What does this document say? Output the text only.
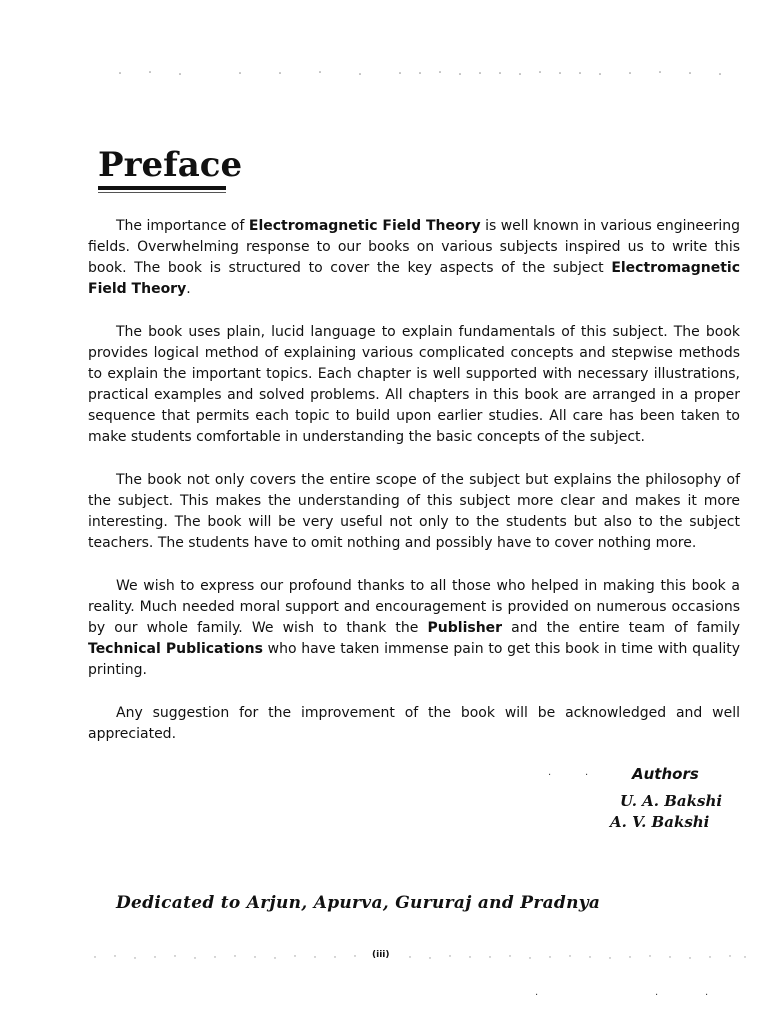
Preface

The importance of Electromagnetic Field Theory is well known in various engineering fields. Overwhelming response to our books on various subjects inspired us to write this book. The book is structured to cover the key aspects of the subject Electromagnetic Field Theory.

The book uses plain, lucid language to explain fundamentals of this subject. The book provides logical method of explaining various complicated concepts and stepwise methods to explain the important topics. Each chapter is well supported with necessary illustrations, practical examples and solved problems. All chapters in this book are arranged in a proper sequence that permits each topic to build upon earlier studies. All care has been taken to make students comfortable in understanding the basic concepts of the subject.

The book not only covers the entire scope of the subject but explains the philosophy of the subject. This makes the understanding of this subject more clear and makes it more interesting. The book will be very useful not only to the students but also to the subject teachers. The students have to omit nothing and possibly have to cover nothing more.

We wish to express our profound thanks to all those who helped in making this book a reality. Much needed moral support and encouragement is provided on numerous occasions by our whole family. We wish to thank the Publisher and the entire team of family Technical Publications who have taken immense pain to get this book in time with quality printing.

Any suggestion for the improvement of the book will be acknowledged and well appreciated.

·	·	Authors
U. A. Bakshi
A. V. Bakshi
Dedicated to Arjun, Apurva, Gururaj and Pradnya
(iii)
·	·	·
